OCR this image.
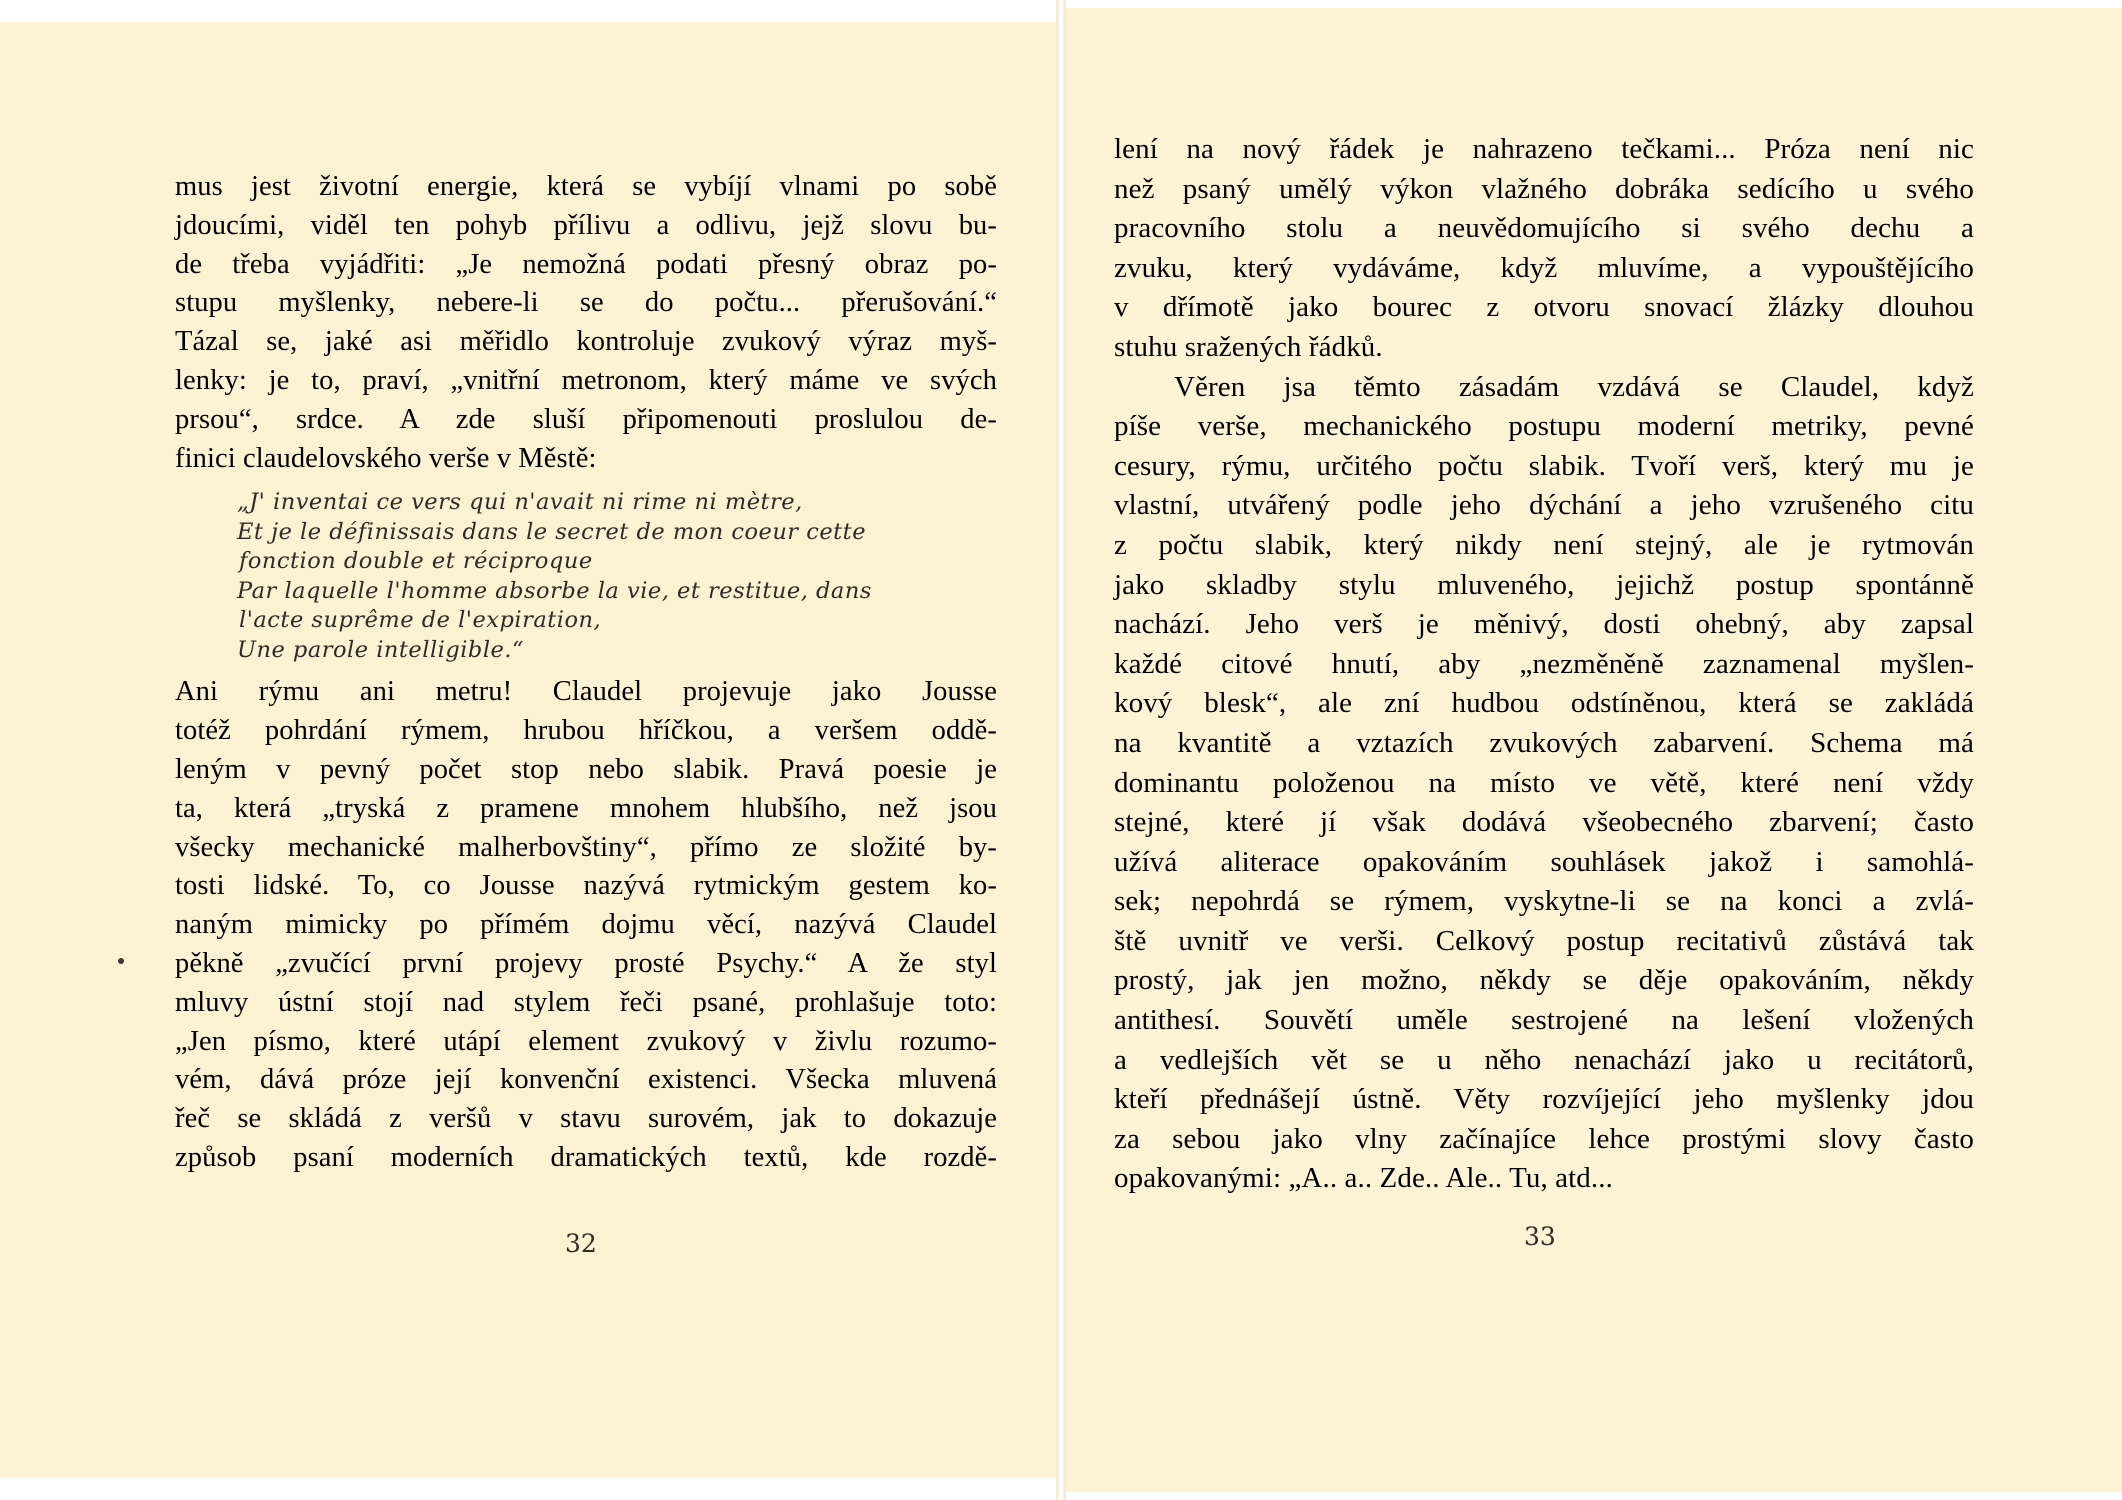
mus jest životní energie, která se vybíjí vlnami po sobě
jdoucími, viděl ten pohyb přílivu a odlivu, jejž slovu bu-
de třeba vyjádřiti: „Je nemožná podati přesný obraz po-
stupu myšlenky, nebere-li se do počtu... přerušování.“
Tázal se, jaké asi měřidlo kontroluje zvukový výraz myš-
lenky: je to, praví, „vnitřní metronom, který máme ve svých
prsou“, srdce. A zde sluší připomenouti proslulou de-
finici claudelovského verše v Městě:
„J' inventai ce vers qui n'avait ni rime ni mètre,
Et je le définissais dans le secret de mon coeur cette
fonction double et réciproque
Par laquelle l'homme absorbe la vie, et restitue, dans
l'acte suprême de l'expiration,
Une parole intelligible.“
Ani rýmu ani metru! Claudel projevuje jako Jousse
totéž pohrdání rýmem, hrubou hříčkou, a veršem oddě-
leným v pevný počet stop nebo slabik. Pravá poesie je
ta, která „tryská z pramene mnohem hlubšího, než jsou
všecky mechanické malherbovštiny“, přímo ze složité by-
tosti lidské. To, co Jousse nazývá rytmickým gestem ko-
naným mimicky po přímém dojmu věcí, nazývá Claudel
pěkně „zvučící první projevy prosté Psychy.“ A že styl
mluvy ústní stojí nad stylem řeči psané, prohlašuje toto:
„Jen písmo, které utápí element zvukový v živlu rozumo-
vém, dává próze její konvenční existenci. Všecka mluvená
řeč se skládá z veršů v stavu surovém, jak to dokazuje
způsob psaní moderních dramatických textů, kde rozdě-
32
lení na nový řádek je nahrazeno tečkami... Próza není nic
než psaný umělý výkon vlažného dobráka sedícího u svého
pracovního stolu a neuvědomujícího si svého dechu a
zvuku, který vydáváme, když mluvíme, a vypouštějícího
v dřímotě jako bourec z otvoru snovací žlázky dlouhou
stuhu sražených řádků.
Věren jsa těmto zásadám vzdává se Claudel, když
píše verše, mechanického postupu moderní metriky, pevné
cesury, rýmu, určitého počtu slabik. Tvoří verš, který mu je
vlastní, utvářený podle jeho dýchání a jeho vzrušeného citu
z počtu slabik, který nikdy není stejný, ale je rytmován
jako skladby stylu mluveného, jejichž postup spontánně
nachází. Jeho verš je měnivý, dosti ohebný, aby zapsal
každé citové hnutí, aby „nezměněně zaznamenal myšlen-
kový blesk“, ale zní hudbou odstíněnou, která se zakládá
na kvantitě a vztazích zvukových zabarvení. Schema má
dominantu položenou na místo ve větě, které není vždy
stejné, které jí však dodává všeobecného zbarvení; často
užívá aliterace opakováním souhlásek jakož i samohlá-
sek; nepohrdá se rýmem, vyskytne-li se na konci a zvlá-
ště uvnitř ve verši. Celkový postup recitativů zůstává tak
prostý, jak jen možno, někdy se děje opakováním, někdy
antithesí. Souvětí uměle sestrojené na lešení vložených
a vedlejších vět se u něho nenachází jako u recitátorů,
kteří přednášejí ústně. Věty rozvíjející jeho myšlenky jdou
za sebou jako vlny začínajíce lehce prostými slovy často
opakovanými: „A.. a.. Zde.. Ale.. Tu, atd...
33
